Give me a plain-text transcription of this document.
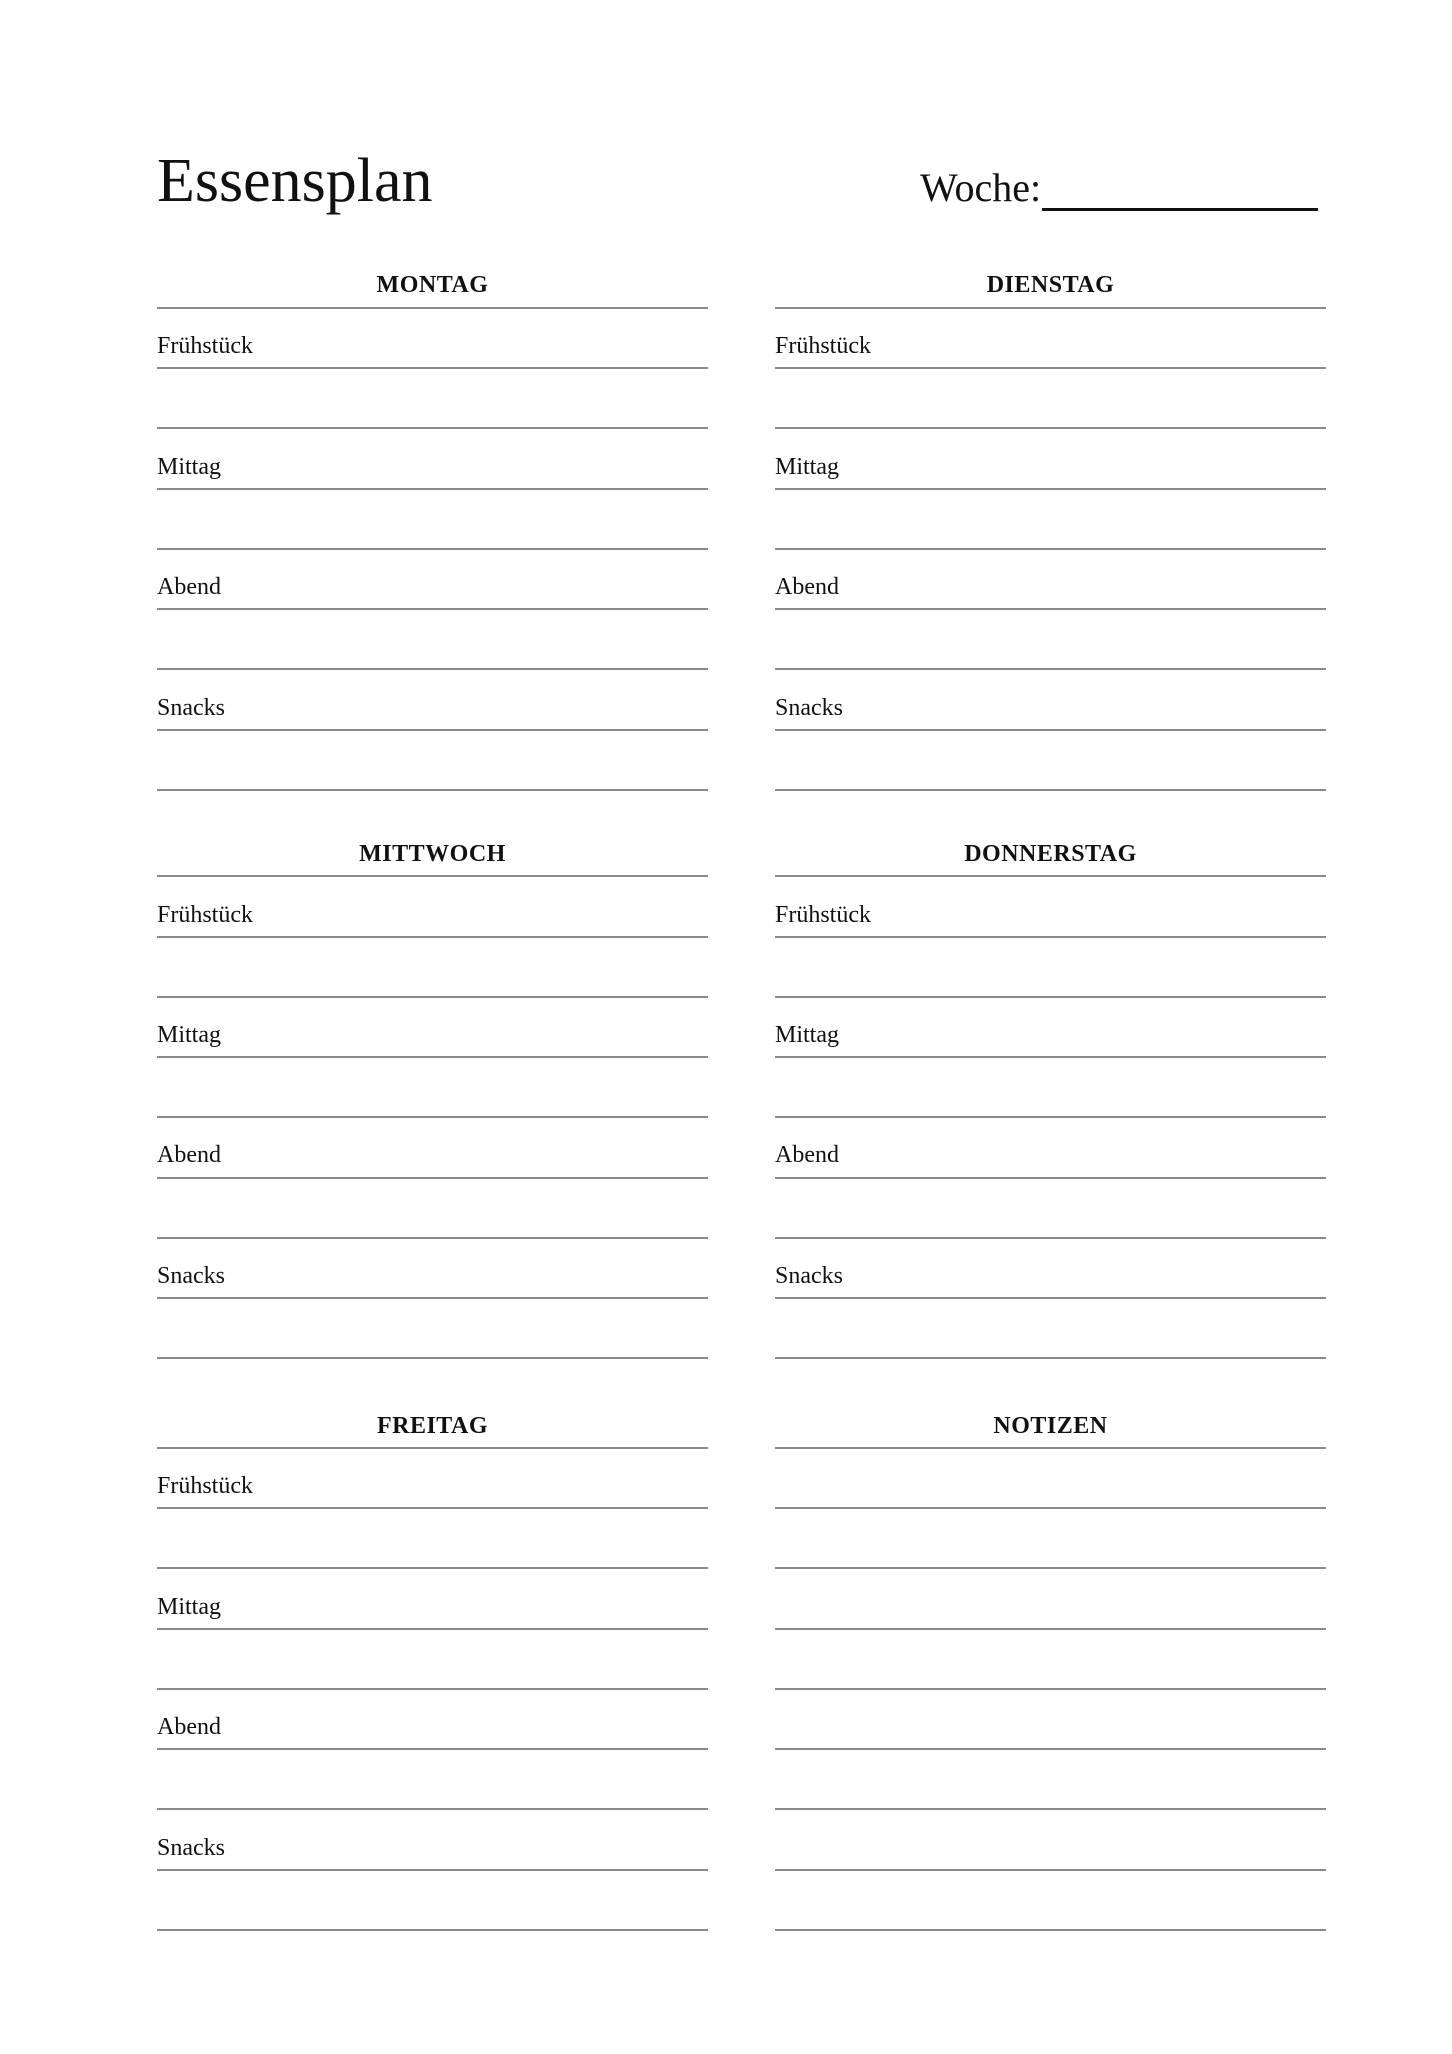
Essensplan	Woche:
MONTAG
Frühstück
Mittag
Abend
Snacks
DIENSTAG
Frühstück
Mittag
Abend
Snacks
MITTWOCH
Frühstück
Mittag
Abend
Snacks
DONNERSTAG
Frühstück
Mittag
Abend
Snacks
FREITAG
Frühstück
Mittag
Abend
Snacks
NOTIZEN
